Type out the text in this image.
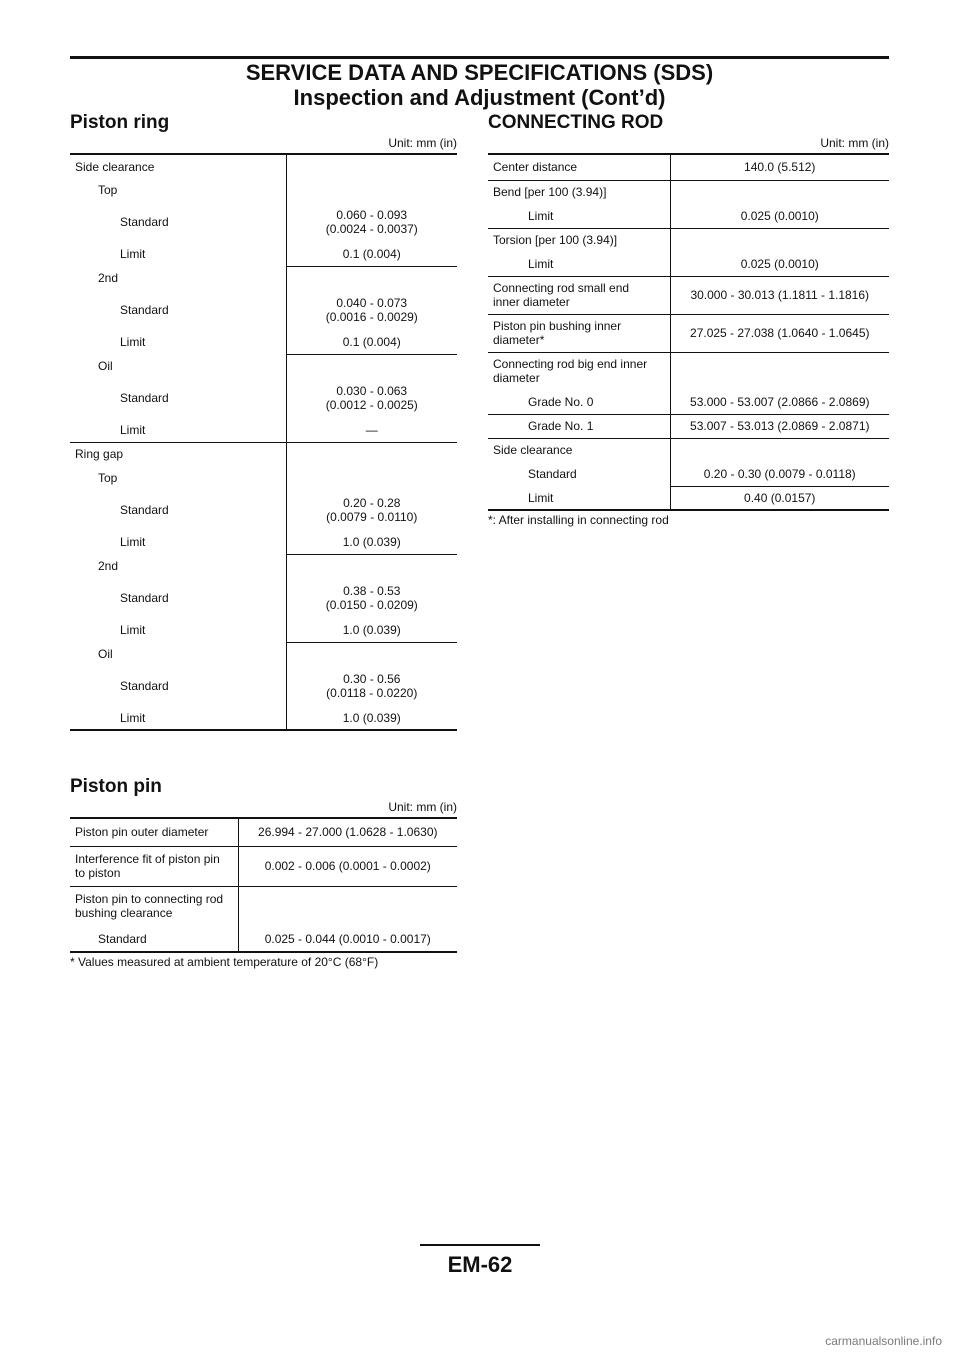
SERVICE DATA AND SPECIFICATIONS (SDS)
Inspection and Adjustment (Cont’d)
Piston ring
Unit: mm (in)
Side clearance	
Top	
Standard	0.060 - 0.093
(0.0024 - 0.0037)

Limit	0.1 (0.004)
2nd	
Standard	0.040 - 0.073
(0.0016 - 0.0029)

Limit	0.1 (0.004)
Oil	
Standard	0.030 - 0.063
(0.0012 - 0.0025)

Limit	—
Ring gap	
Top	
Standard	0.20 - 0.28
(0.0079 - 0.0110)

Limit	1.0 (0.039)
2nd	
Standard	0.38 - 0.53
(0.0150 - 0.0209)

Limit	1.0 (0.039)
Oil	
Standard	0.30 - 0.56
(0.0118 - 0.0220)

Limit	1.0 (0.039)
Piston pin
Unit: mm (in)
Piston pin outer diameter	26.994 - 27.000 (1.0628 - 1.0630)

Interference fit of piston pin
to piston	0.002 - 0.006 (0.0001 - 0.0002)

Piston pin to connecting rod
bushing clearance	

Standard	0.025 - 0.044 (0.0010 - 0.0017)
* Values measured at ambient temperature of 20°C (68°F)
CONNECTING ROD
Unit: mm (in)
Center distance	140.0 (5.512)
Bend [per 100 (3.94)]	
Limit	0.025 (0.0010)
Torsion [per 100 (3.94)]	
Limit	0.025 (0.0010)

Connecting rod small end
inner diameter	30.000 - 30.013 (1.1811 - 1.1816)

Piston pin bushing inner
diameter*	27.025 - 27.038 (1.0640 - 1.0645)

Connecting rod big end inner
diameter	

Grade No. 0	53.000 - 53.007 (2.0866 - 2.0869)
Grade No. 1	53.007 - 53.013 (2.0869 - 2.0871)
Side clearance	
Standard	0.20 - 0.30 (0.0079 - 0.0118)
Limit	0.40 (0.0157)
*: After installing in connecting rod
EM-62
carmanualsonline.info
